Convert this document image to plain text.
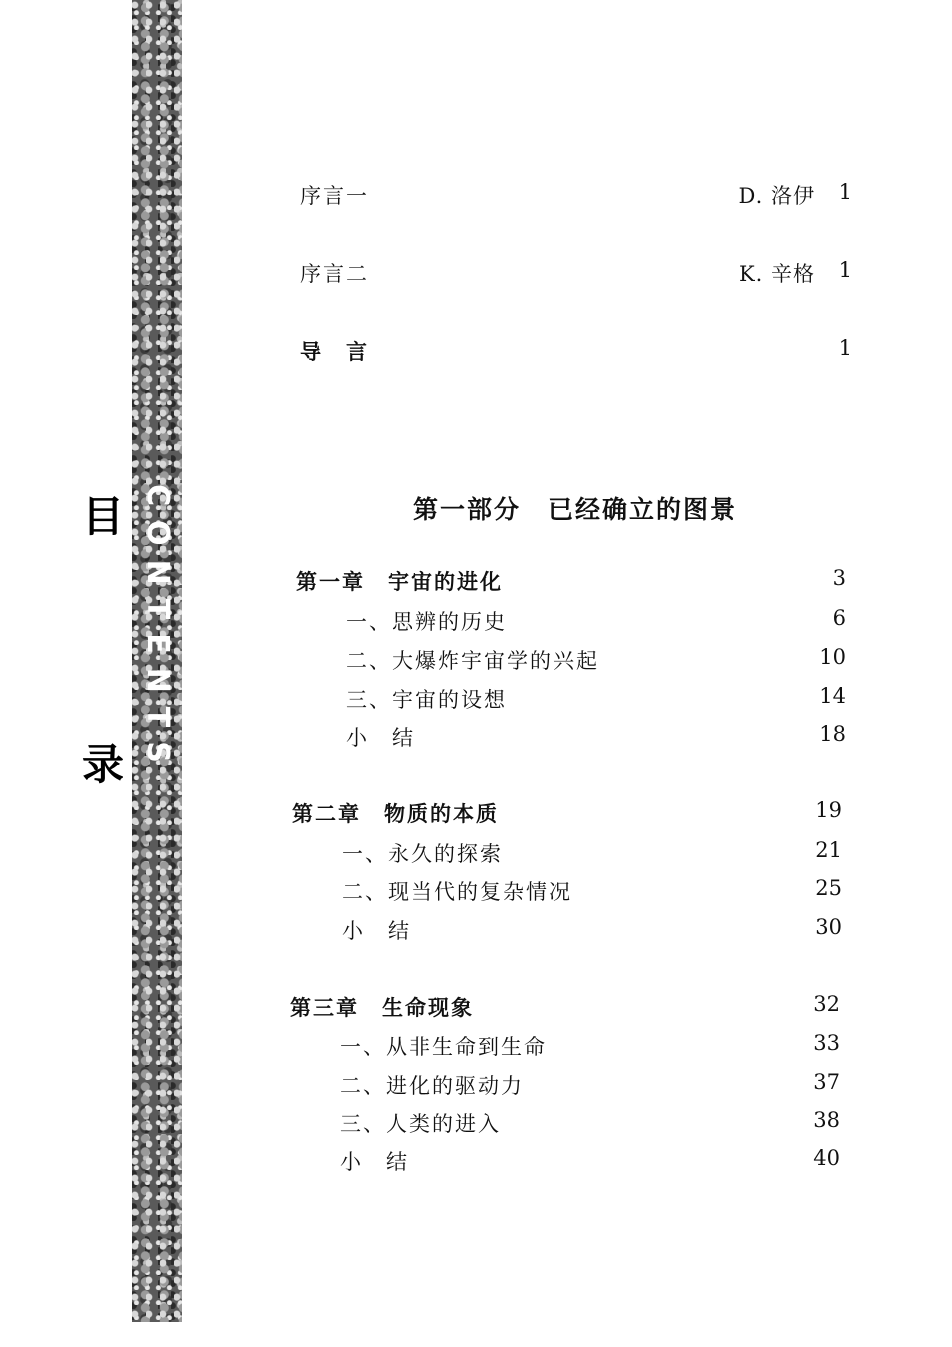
CONTENTS
目
录
序言一	D. 洛伊	1
序言二	K. 辛格	1
导　言	1
第一部分　已经确立的图景
第一章　宇宙的进化	3
一、思辨的历史	6
二、大爆炸宇宙学的兴起	10
三、宇宙的设想	14
小　结	18
第二章　物质的本质	19
一、永久的探索	21
二、现当代的复杂情况	25
小　结	30
第三章　生命现象	32
一、从非生命到生命	33
二、进化的驱动力	37
三、人类的进入	38
小　结	40
